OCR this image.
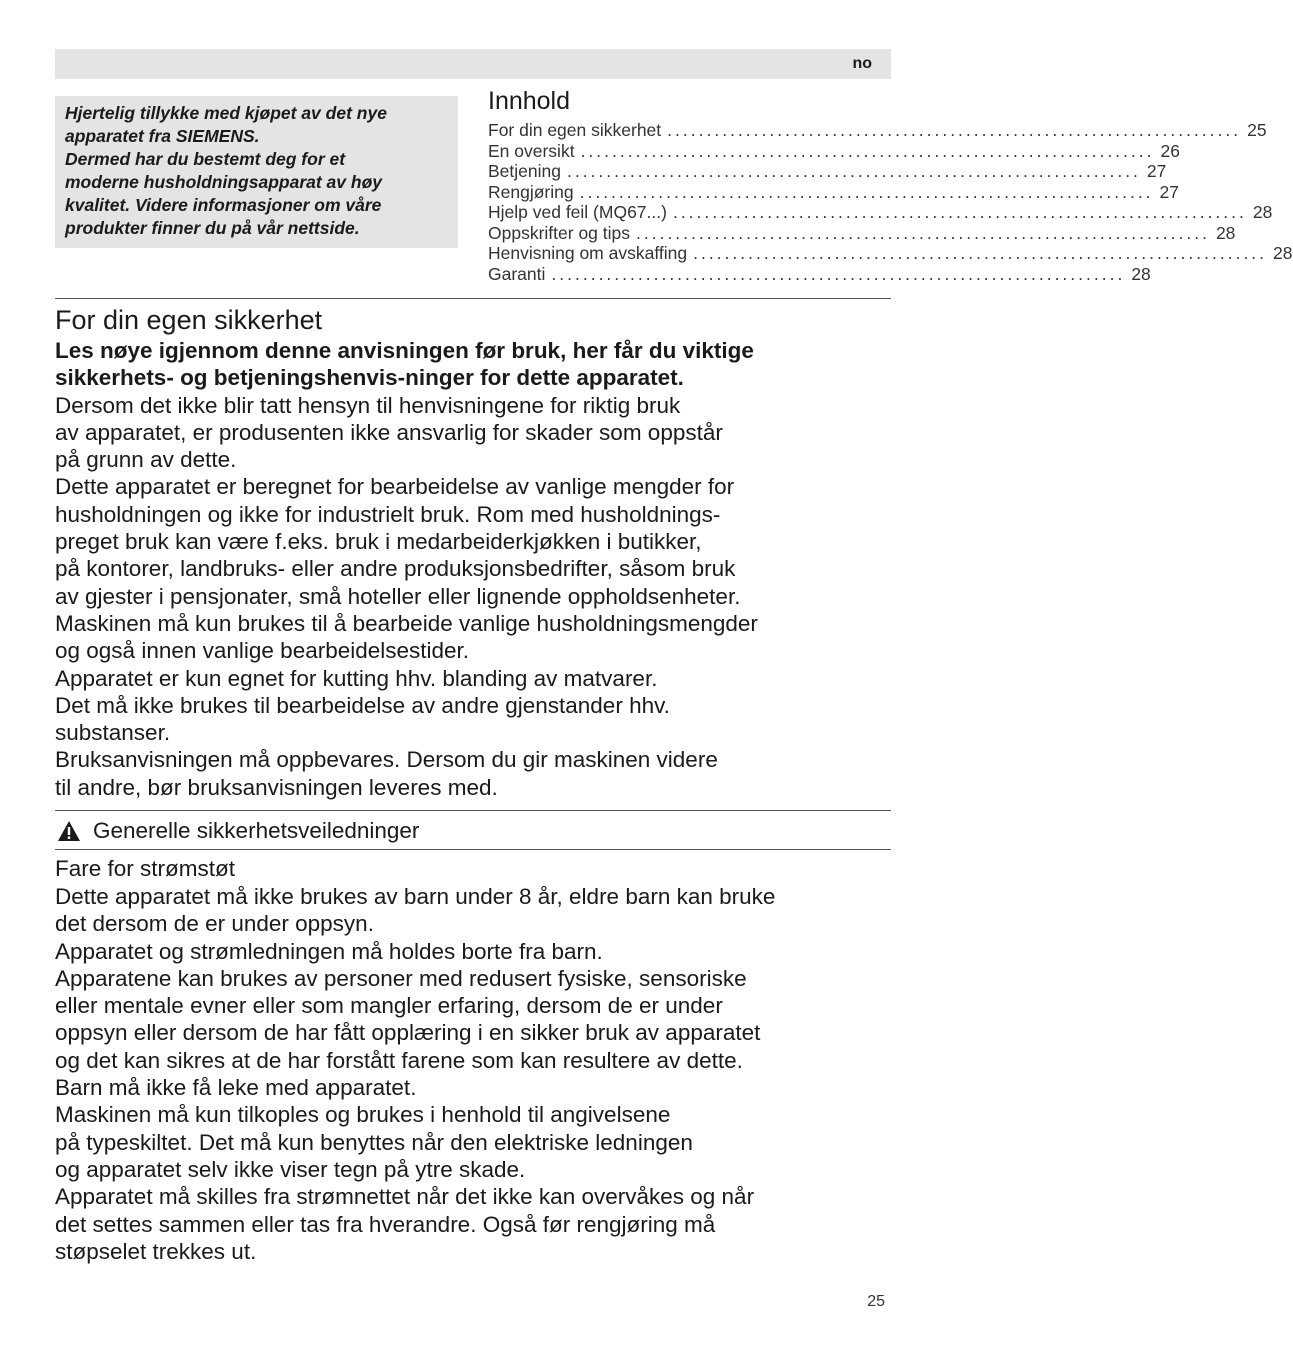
no

Hjertelig tillykke med kjøpet av det nye

apparatet fra SIEMENS.

Dermed har du bestemt deg for et

moderne husholdningsapparat av høy

kvalitet. Videre informasjoner om våre

produkter finner du på vår nettside.

Innhold
For din egen sikkerhet ......................................................................... 25
En oversikt ......................................................................... 26
Betjening ......................................................................... 27
Rengjøring ......................................................................... 27
Hjelp ved feil (MQ67...) ......................................................................... 28
Oppskrifter og tips ......................................................................... 28
Henvisning om avskaffing ......................................................................... 28
Garanti ......................................................................... 28
For din egen sikkerhet

Les nøye igjennom denne anvisningen før bruk, her får du viktige

sikkerhets- og betjeningshenvis-ninger for dette apparatet.

Dersom det ikke blir tatt hensyn til henvisningene for riktig bruk

av apparatet, er produsenten ikke ansvarlig for skader som oppstår

på grunn av dette.

Dette apparatet er beregnet for bearbeidelse av vanlige mengder for

husholdningen og ikke for industrielt bruk. Rom med husholdnings-

preget bruk kan være f.eks. bruk i medarbeiderkjøkken i butikker,

på kontorer, landbruks- eller andre produksjonsbedrifter, såsom bruk

av gjester i pensjonater, små hoteller eller lignende oppholdsenheter.

Maskinen må kun brukes til å bearbeide vanlige husholdningsmengder

og også innen vanlige bearbeidelsestider.

Apparatet er kun egnet for kutting hhv. blanding av matvarer.

Det må ikke brukes til bearbeidelse av andre gjenstander hhv.

substanser.

Bruksanvisningen må oppbevares. Dersom du gir maskinen videre

til andre, bør bruksanvisningen leveres med.

Generelle sikkerhetsveiledninger
Fare for strømstøt

Dette apparatet må ikke brukes av barn under 8 år, eldre barn kan bruke

det dersom de er under oppsyn.

Apparatet og strømledningen må holdes borte fra barn.

Apparatene kan brukes av personer med redusert fysiske, sensoriske

eller mentale evner eller som mangler erfaring, dersom de er under

oppsyn eller dersom de har fått opplæring i en sikker bruk av apparatet

og det kan sikres at de har forstått farene som kan resultere av dette.

Barn må ikke få leke med apparatet.

Maskinen må kun tilkoples og brukes i henhold til angivelsene

på typeskiltet. Det må kun benyttes når den elektriske ledningen

og apparatet selv ikke viser tegn på ytre skade.

Apparatet må skilles fra strømnettet når det ikke kan overvåkes og når

det settes sammen eller tas fra hverandre. Også før rengjøring må

støpselet trekkes ut.

25
